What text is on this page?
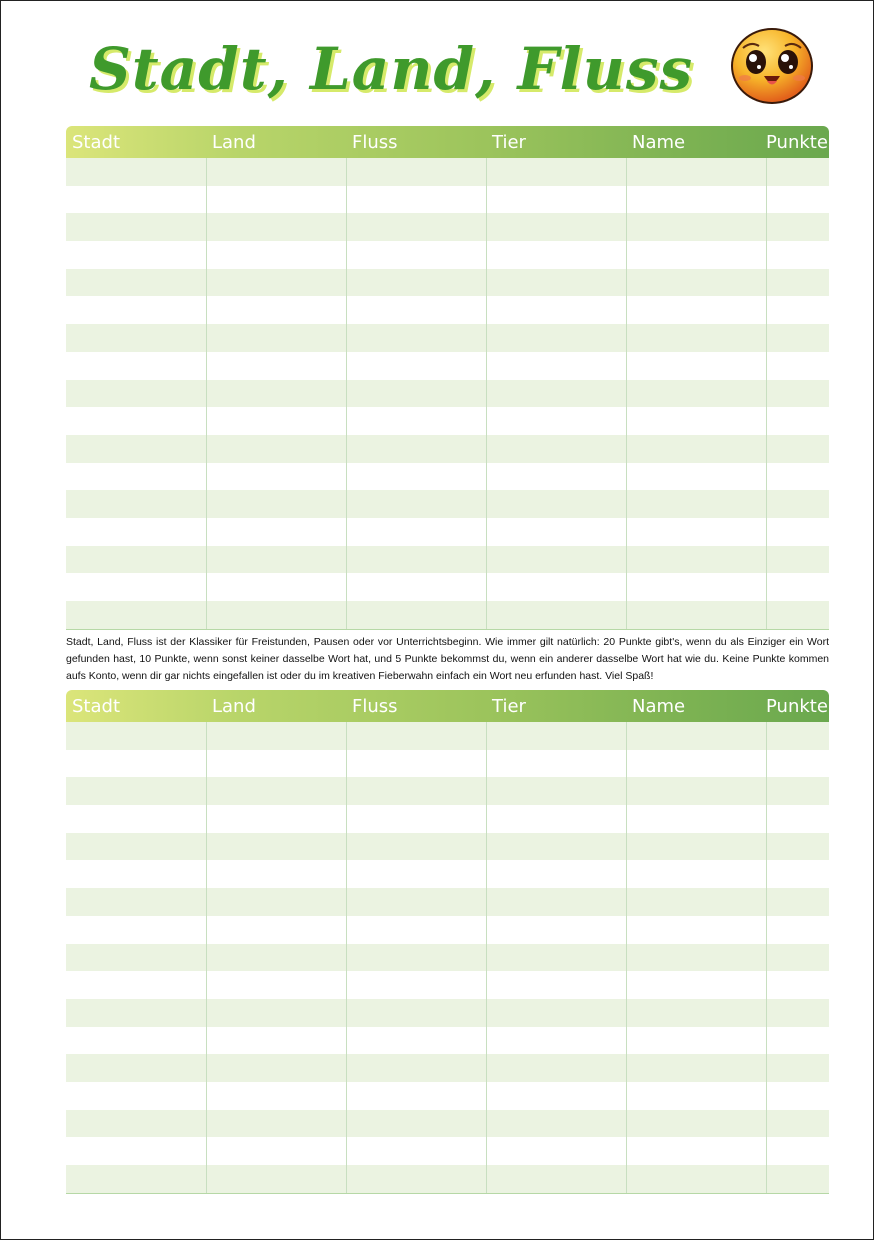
Stadt, Land, Fluss
Stadt	Land	Fluss	Tier	Name	Punkte
Stadt, Land, Fluss ist der Klassiker für Freistunden, Pausen oder vor Unterrichtsbeginn. Wie immer gilt natürlich: 20 Punkte gibt's, wenn du als Einziger ein Wort gefunden hast, 10 Punkte, wenn sonst keiner dasselbe Wort hat, und 5 Punkte bekommst du, wenn ein anderer dasselbe Wort hat wie du. Keine Punkte kommen aufs Konto, wenn dir gar nichts eingefallen ist oder du im kreativen Fieberwahn einfach ein Wort neu erfunden hast. Viel Spaß!
Stadt	Land	Fluss	Tier	Name	Punkte
